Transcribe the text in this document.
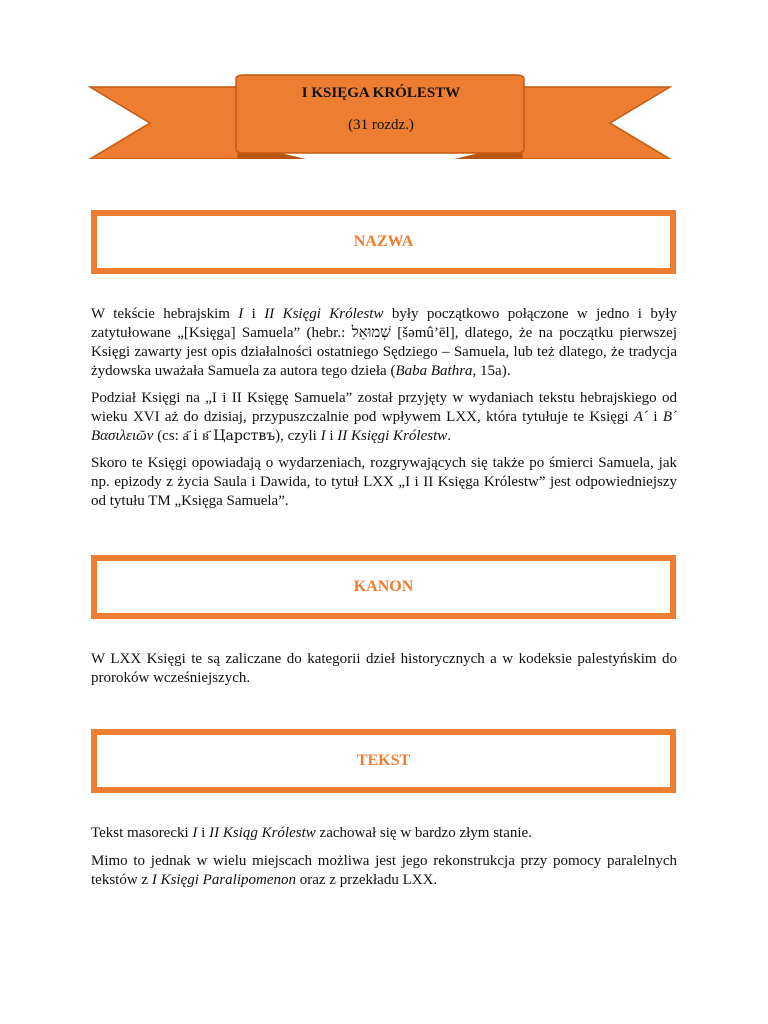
I KSIĘGA KRÓLESTW
(31 rozdz.)
NAZWA

W tekście hebrajskim I i II Księgi Królestw były początkowo połączone w jedno i były zatytułowane „[Księga] Samuela” (hebr.: שְׁמוּאֵל [šəmû’ēl], dlatego, że na początku pierwszej Księgi zawarty jest opis działalności ostatniego Sędziego – Samuela, lub też dlatego, że tradycja żydowska uważała Samuela za autora tego dzieła (Baba Bathra, 15a).

Podział Księgi na „I i II Księgę Samuela” został przyjęty w wydaniach tekstu hebrajskiego od wieku XVI aż do dzisiaj, przypuszczalnie pod wpływem LXX, która tytułuje te Księgi A´ i B´ Βασιλειῶν (cs: а҃ і в҃ Царствъ), czyli I i II Księgi Królestw.

Skoro te Księgi opowiadają o wydarzeniach, rozgrywających się także po śmierci Samuela, jak np. epizody z życia Saula i Dawida, to tytuł LXX „I i II Księga Królestw” jest odpowiedniejszy od tytułu TM „Księga Samuela”.

KANON

W LXX Księgi te są zaliczane do kategorii dzieł historycznych a w kodeksie palestyńskim do proroków wcześniejszych.

TEKST

Tekst masorecki I i II Ksiąg Królestw zachował się w bardzo złym stanie.

Mimo to jednak w wielu miejscach możliwa jest jego rekonstrukcja przy pomocy paralelnych tekstów z I Księgi Paralipomenon oraz z przekładu LXX.
